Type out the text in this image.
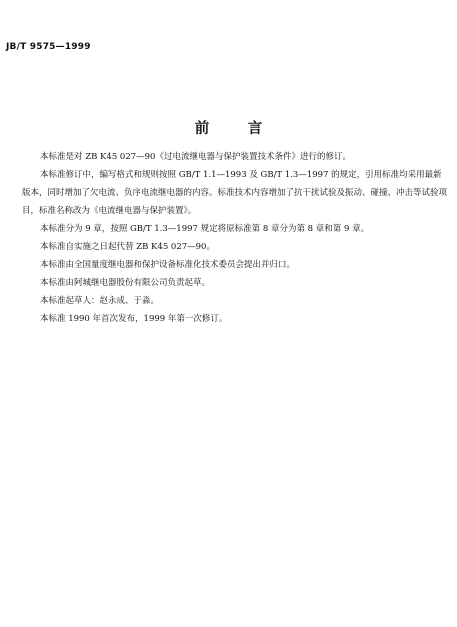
JB/T 9575—1999
前　言

本标准是对 ZB K45 027—90《过电流继电器与保护装置技术条件》进行的修订。

本标准修订中，编写格式和规则按照 GB/T 1.1—1993 及 GB/T 1.3—1997 的规定，引用标准均采用最新版本，同时增加了欠电流、负序电流继电器的内容。标准技术内容增加了抗干扰试验及振动、碰撞、冲击等试验项目，标准名称改为《电流继电器与保护装置》。

本标准分为 9 章，按照 GB/T 1.3—1997 规定将原标准第 8 章分为第 8 章和第 9 章。

本标准自实施之日起代替 ZB K45 027—90。

本标准由全国量度继电器和保护设备标准化技术委员会提出并归口。

本标准由阿城继电器股份有限公司负责起草。

本标准起草人：赵永成、于淼。

本标准 1990 年首次发布，1999 年第一次修订。
